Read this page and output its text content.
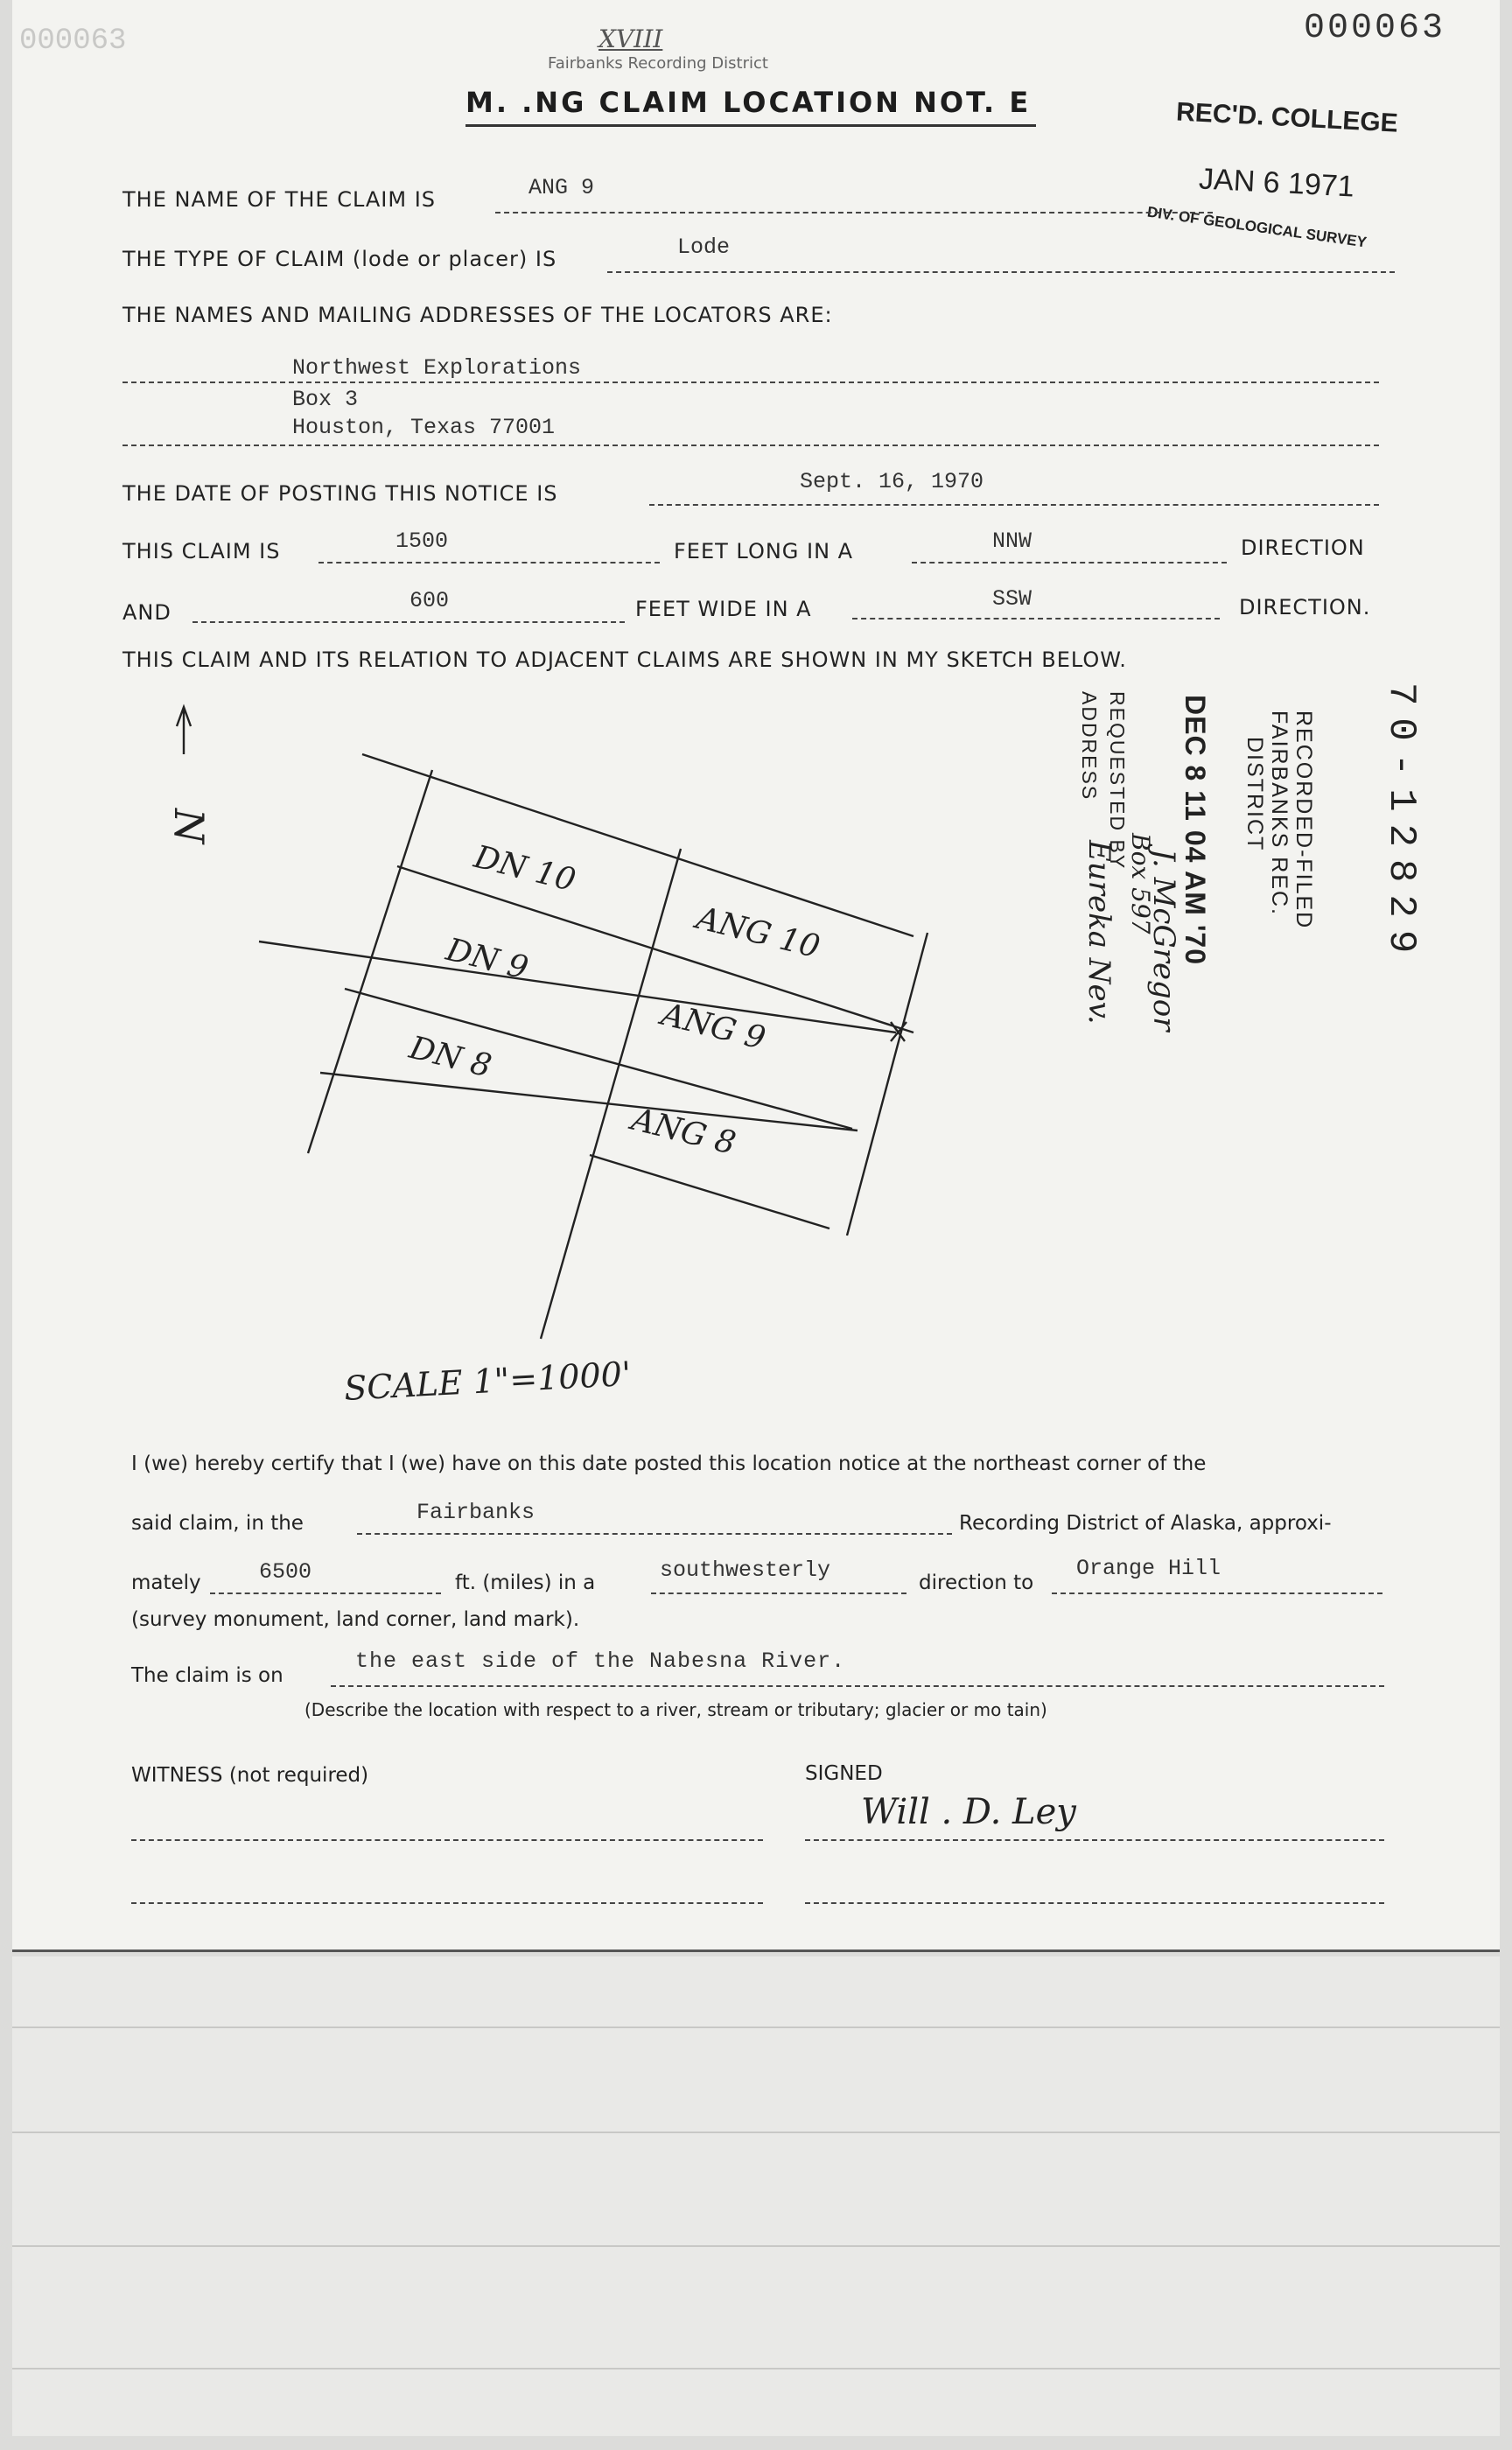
000063	000063
XVIII
Fairbanks Recording District
M. .NG CLAIM LOCATION NOT. E	REC'D. COLLEGE
JAN 6 1971
DIV. OF GEOLOGICAL SURVEY
THE NAME OF THE CLAIM IS	ANG 9
THE TYPE OF CLAIM (lode or placer) IS	Lode
THE NAMES AND MAILING ADDRESSES OF THE LOCATORS ARE:
Northwest Explorations
Box 3
Houston, Texas 77001
THE DATE OF POSTING THIS NOTICE IS	Sept. 16, 1970
THIS CLAIM IS	1500	FEET LONG IN A	NNW	DIRECTION
AND	600	FEET WIDE IN A	SSW	DIRECTION.
THIS CLAIM AND ITS RELATION TO ADJACENT CLAIMS ARE SHOWN IN MY SKETCH BELOW.
70-12829
RECORDED-FILED
FAIRBANKS REC.
DISTRICT
DEC 8 11 04 AM '70
REQUESTED BY
ADDRESS
J. McGregor
Box 597
Eureka Nev.
N
DN 10
ANG 10
DN 9
ANG 9
DN 8
ANG 8
SCALE 1"=1000'
I (we) hereby certify that I (we) have on this date posted this location notice at the northeast corner of the
said claim, in the	Fairbanks	Recording District of Alaska, approxi-
mately	6500	ft. (miles) in a	southwesterly	direction to
Orange Hill
(survey monument, land corner, land mark).
The claim is on
the east side of the Nabesna River.
(Describe the location with respect to a river, stream or tributary; glacier or mo tain)
WITNESS (not required)	SIGNED
Will . D. Ley
